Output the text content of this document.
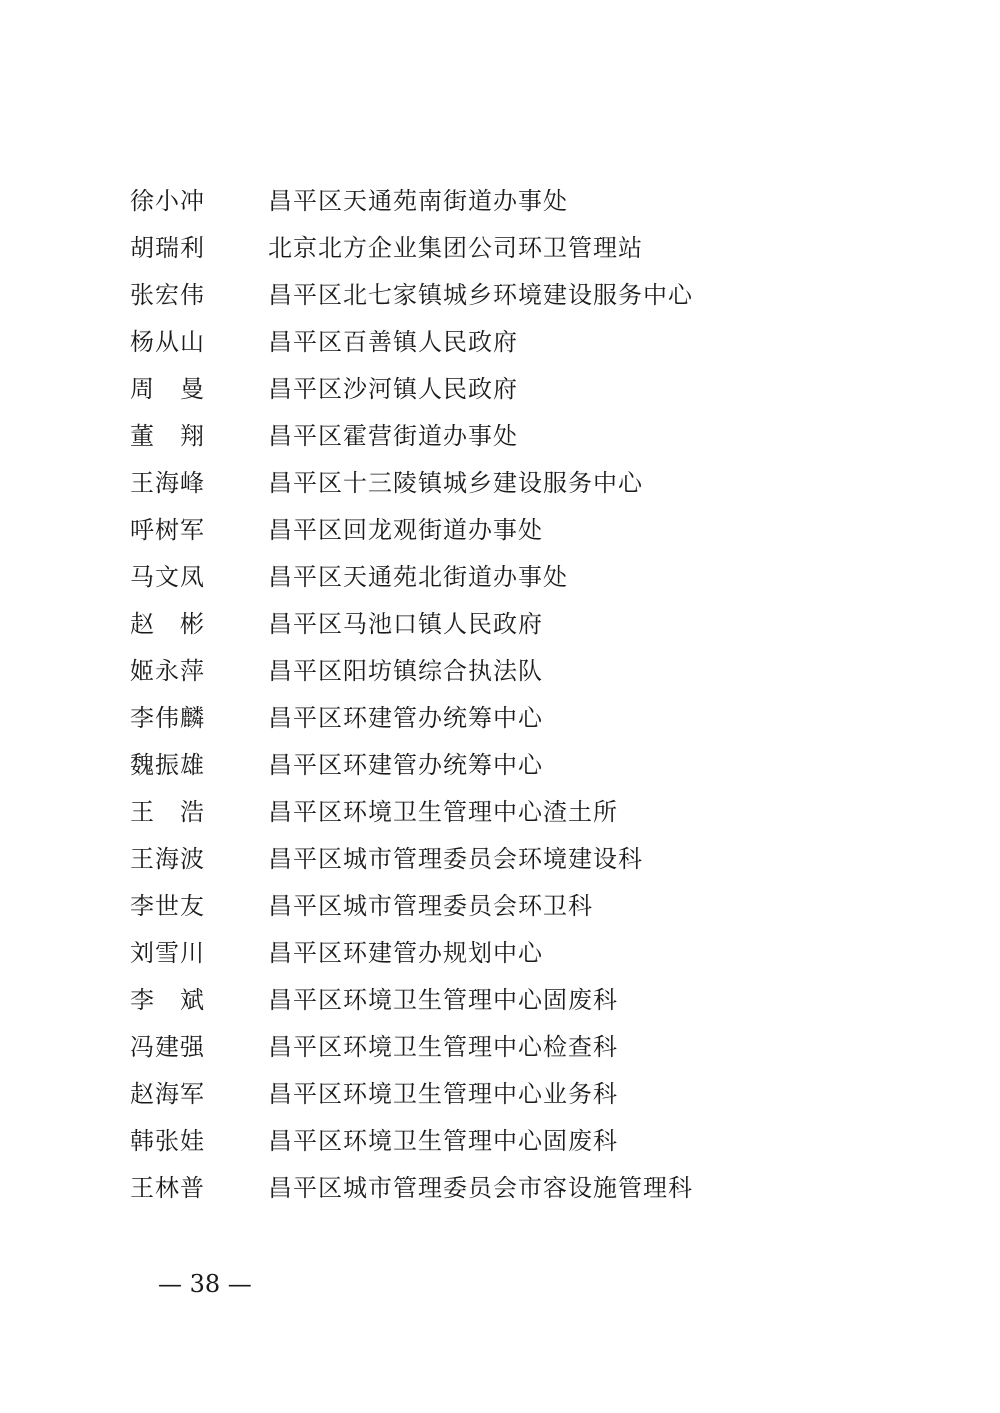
徐小冲	昌平区天通苑南街道办事处
胡瑞利	北京北方企业集团公司环卫管理站
张宏伟	昌平区北七家镇城乡环境建设服务中心
杨从山	昌平区百善镇人民政府
周　曼	昌平区沙河镇人民政府
董　翔	昌平区霍营街道办事处
王海峰	昌平区十三陵镇城乡建设服务中心
呼树军	昌平区回龙观街道办事处
马文凤	昌平区天通苑北街道办事处
赵　彬	昌平区马池口镇人民政府
姬永萍	昌平区阳坊镇综合执法队
李伟麟	昌平区环建管办统筹中心
魏振雄	昌平区环建管办统筹中心
王　浩	昌平区环境卫生管理中心渣土所
王海波	昌平区城市管理委员会环境建设科
李世友	昌平区城市管理委员会环卫科
刘雪川	昌平区环建管办规划中心
李　斌	昌平区环境卫生管理中心固废科
冯建强	昌平区环境卫生管理中心检查科
赵海军	昌平区环境卫生管理中心业务科
韩张娃	昌平区环境卫生管理中心固废科
王林普	昌平区城市管理委员会市容设施管理科
— 38 —
